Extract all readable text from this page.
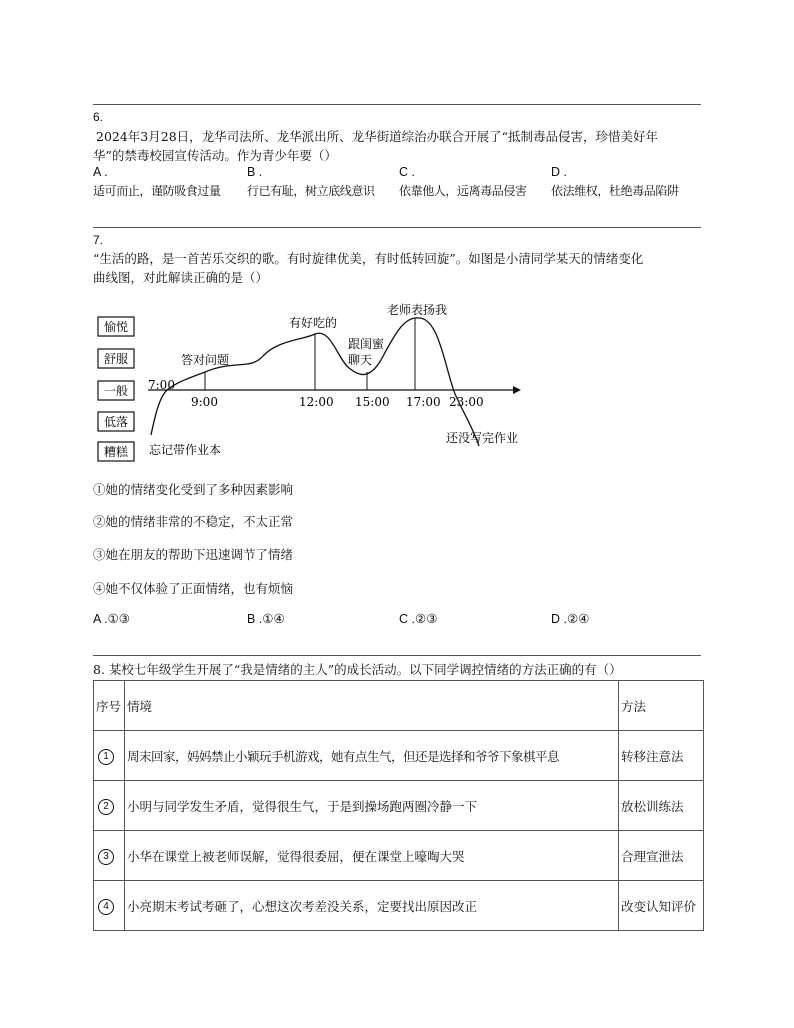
6.
2024年3月28日，龙华司法所、龙华派出所、龙华街道综治办联合开展了“抵制毒品侵害，珍惜美好年
华”的禁毒校园宣传活动。作为青少年要（）
A .	B .	C .	D .
适可而止，谨防吸食过量 行已有耻，树立底线意识 依靠他人，远离毒品侵害 依法维权，杜绝毒品陷阱
7.
“生活的路，是一首苦乐交织的歌。有时旋律优美，有时低转回旋”。如图是小清同学某天的情绪变化
曲线图，对此解读正确的是（）
愉悦
舒服
一般
低落
糟糕
7:00
9:00	12:00 15:00 17:00 23:00
答对问题
有好吃的
跟闺蜜
聊天
老师表扬我
忘记带作业本
还没写完作业
①她的情绪变化受到了多种因素影响
②她的情绪非常的不稳定，不太正常
③她在朋友的帮助下迅速调节了情绪
④她不仅体验了正面情绪，也有烦恼
A .①③	B .①④	C .②③	D .②④
8. 某校七年级学生开展了“我是情绪的主人”的成长活动。以下同学调控情绪的方法正确的有（）
序号	情境	方法
1	周末回家，妈妈禁止小颖玩手机游戏，她有点生气，但还是选择和爷爷下象棋平息	转移注意法
2	小明与同学发生矛盾，觉得很生气，于是到操场跑两圈冷静一下	放松训练法
3	小华在课堂上被老师误解，觉得很委屈，便在课堂上嚎啕大哭	合理宣泄法
4	小亮期末考试考砸了，心想这次考差没关系，定要找出原因改正	改变认知评价
